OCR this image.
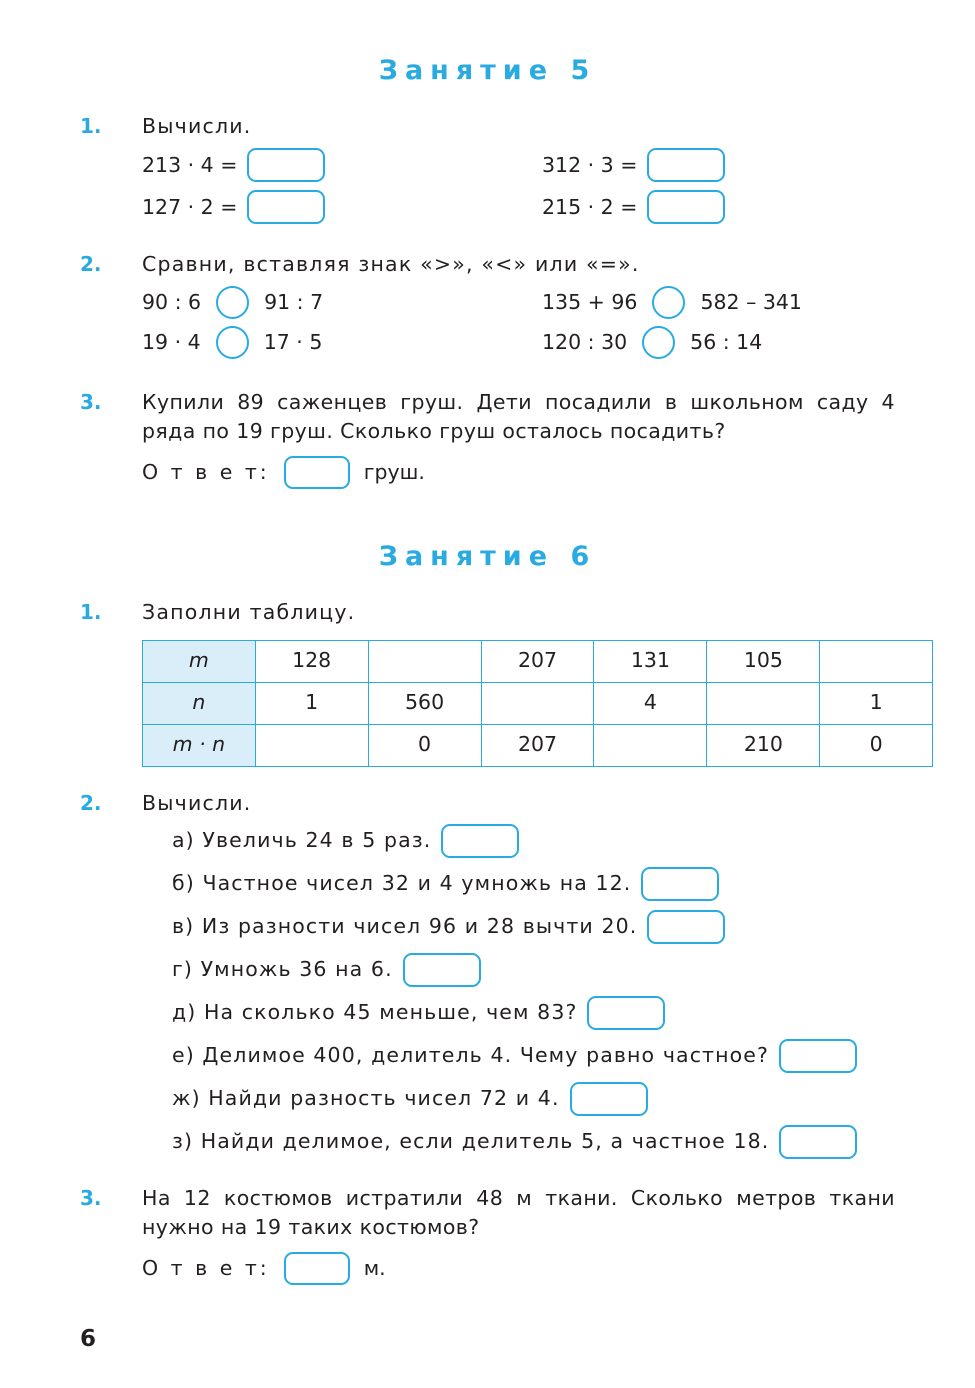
Занятие 5
1.	Вычисли.
213 · 4 =	312 · 3 =
127 · 2 =	215 · 2 =
2.	Сравни, вставляя знак «>», «<» или «=».
90 : 6	91 : 7	135 + 96	582 – 341
19 · 4	17 · 5	120 : 30	56 : 14
3.	Купили 89 саженцев груш. Дети посадили в школьном саду 4 ряда по 19 груш. Сколько груш осталось посадить?
О т в е т:	груш.
Занятие 6
1.	Заполни таблицу.
m	128		207	131	105	
n	1	560		4		1
m · n		0	207		210	0
2.	Вычисли.
а) Увеличь 24 в 5 раз.
б) Частное чисел 32 и 4 умножь на 12.
в) Из разности чисел 96 и 28 вычти 20.
г) Умножь 36 на 6.
д) На сколько 45 меньше, чем 83?
е) Делимое 400, делитель 4. Чему равно частное?
ж) Найди разность чисел 72 и 4.
з) Найди делимое, если делитель 5, а частное 18.
3.	На 12 костюмов истратили 48 м ткани. Сколько метров ткани нужно на 19 таких костюмов?
О т в е т:	м.
6
